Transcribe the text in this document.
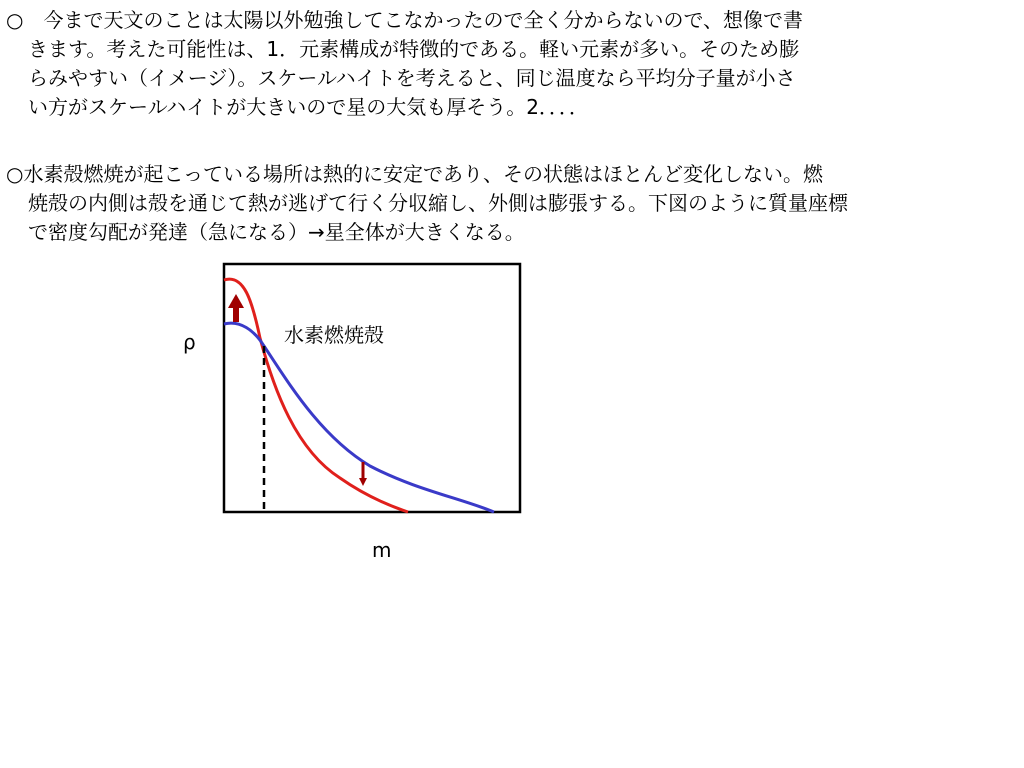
○　今まで天文のことは太陽以外勉強してこなかったので全く分からないので、想像で書
きます。考えた可能性は、1．元素構成が特徴的である。軽い元素が多い。そのため膨
らみやすい（イメージ）。スケールハイトを考えると、同じ温度なら平均分子量が小さ
い方がスケールハイトが大きいので星の大気も厚そう。2．．．．
○水素殻燃焼が起こっている場所は熱的に安定であり、その状態はほとんど変化しない。燃
焼殻の内側は殻を通じて熱が逃げて行く分収縮し、外側は膨張する。下図のように質量座標
で密度勾配が発達（急になる）→星全体が大きくなる。
ρ
m
水素燃焼殻
